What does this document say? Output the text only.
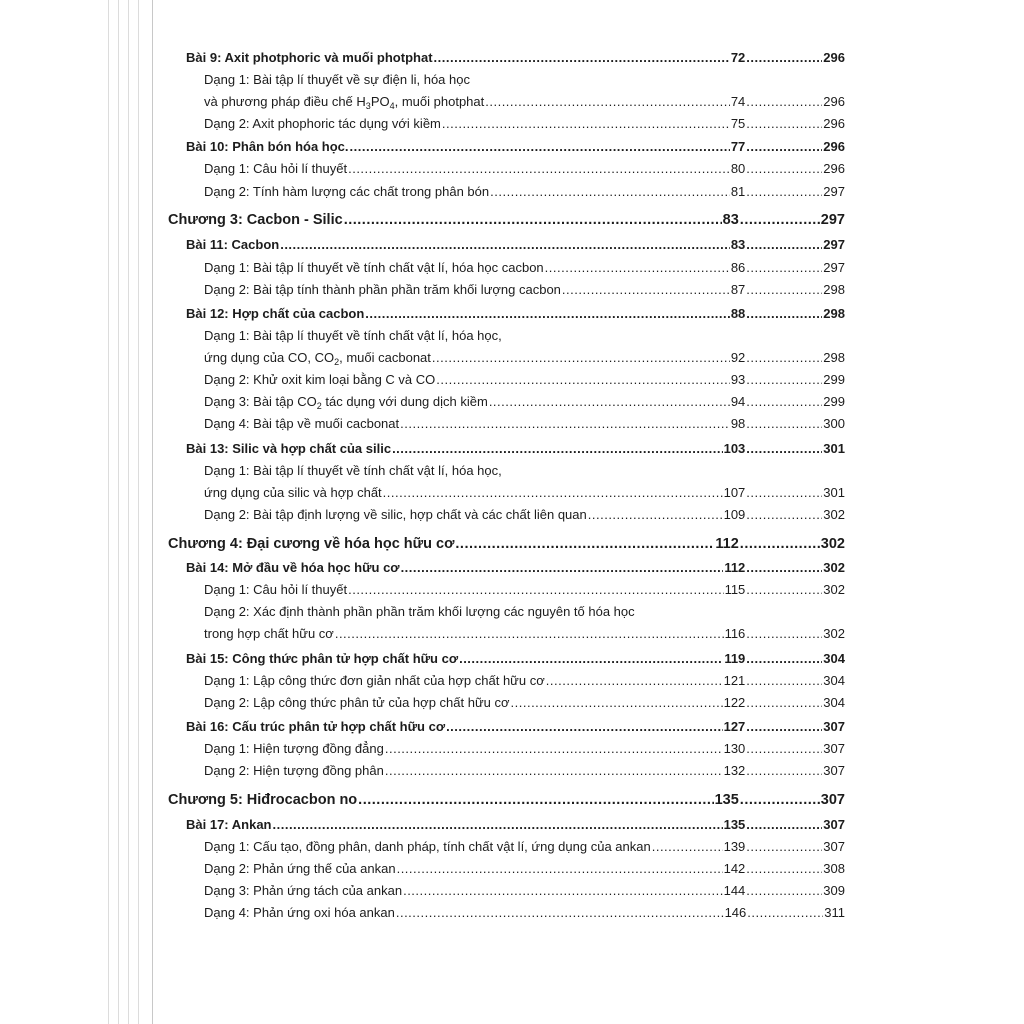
Bài 9: Axit photphoric và muối photphat .....	72 .....	296
Dạng 1: Bài tập lí thuyết về sự điện li, hóa học
và phương pháp điều chế $H_3PO_4$, muối photphat .....	74 .....	296
Dạng 2: Axit phophoric tác dụng với kiềm .....	75 .....	296
Bài 10: Phân bón hóa học. .....	77 .....	296
Dạng 1: Câu hỏi lí thuyết .....	80 .....	296
Dạng 2: Tính hàm lượng các chất trong phân bón .....	81 .....	297
Chương 3: Cacbon - Silic .....	83 .....	297
Bài 11: Cacbon .....	83 .....	297
Dạng 1: Bài tập lí thuyết về tính chất vật lí, hóa học cacbon .....	86 .....	297
Dạng 2: Bài tập tính thành phần phần trăm khối lượng cacbon .....	87 .....	298
Bài 12: Hợp chất của cacbon .....	88 .....	298
Dạng 1: Bài tập lí thuyết về tính chất vật lí, hóa học,
ứng dụng của CO, $CO_2$, muối cacbonat .....	92 .....	298
Dạng 2: Khử oxit kim loại bằng C và CO .....	93 .....	299
Dạng 3: Bài tập $CO_2$ tác dụng với dung dịch kiềm .....	94 .....	299
Dạng 4: Bài tập về muối cacbonat .....	98 .....	300
Bài 13: Silic và hợp chất của silic .....	103 .....	301
Dạng 1: Bài tập lí thuyết về tính chất vật lí, hóa học,
ứng dụng của silic và hợp chất .....	107 .....	301
Dạng 2: Bài tập định lượng về silic, hợp chất và các chất liên quan .....	109 .....	302
Chương 4: Đại cương về hóa học hữu cơ .....	112 .....	302
Bài 14: Mở đầu về hóa học hữu cơ .....	112 .....	302
Dạng 1: Câu hỏi lí thuyết .....	115 .....	302
Dạng 2: Xác định thành phần phần trăm khối lượng các nguyên tố hóa học
trong hợp chất hữu cơ .....	116 .....	302
Bài 15: Công thức phân tử hợp chất hữu cơ .....	119 .....	304
Dạng 1: Lập công thức đơn giản nhất của hợp chất hữu cơ .....	121 .....	304
Dạng 2: Lập công thức phân tử của hợp chất hữu cơ .....	122 .....	304
Bài 16: Cấu trúc phân tử hợp chất hữu cơ .....	127 .....	307
Dạng 1: Hiện tượng đồng đẳng .....	130 .....	307
Dạng 2: Hiện tượng đồng phân .....	132 .....	307
Chương 5: Hiđrocacbon no .....	135 .....	307
Bài 17: Ankan .....	135 .....	307
Dạng 1: Cấu tạo, đồng phân, danh pháp, tính chất vật lí, ứng dụng của ankan .....	139 .....	307
Dạng 2: Phản ứng thế của ankan .....	142 .....	308
Dạng 3: Phản ứng tách của ankan .....	144 .....	309
Dạng 4: Phản ứng oxi hóa ankan .....	146 .....	311
